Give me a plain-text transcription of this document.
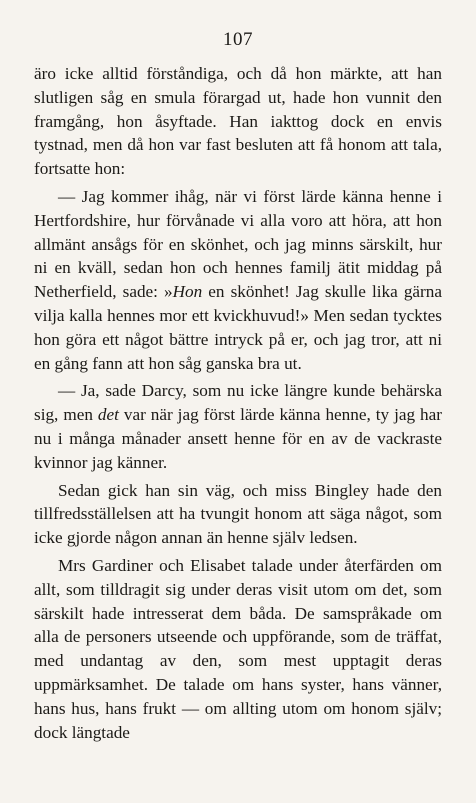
107

äro icke alltid förståndiga, och då hon märkte, att han slutligen såg en smula förargad ut, hade hon vunnit den framgång, hon åsyftade. Han iakttog dock en envis tystnad, men då hon var fast besluten att få honom att tala, fortsatte hon:

— Jag kommer ihåg, när vi först lärde känna henne i Hertfordshire, hur förvånade vi alla voro att höra, att hon allmänt ansågs för en skönhet, och jag minns särskilt, hur ni en kväll, sedan hon och hennes familj ätit middag på Netherfield, sade: »Hon en skönhet! Jag skulle lika gärna vilja kalla hennes mor ett kvickhuvud!» Men sedan tycktes hon göra ett något bättre intryck på er, och jag tror, att ni en gång fann att hon såg ganska bra ut.

— Ja, sade Darcy, som nu icke längre kunde behärska sig, men det var när jag först lärde känna henne, ty jag har nu i många månader ansett henne för en av de vackraste kvinnor jag känner.

Sedan gick han sin väg, och miss Bingley hade den tillfredsställelsen att ha tvungit honom att säga något, som icke gjorde någon annan än henne själv ledsen.

Mrs Gardiner och Elisabet talade under återfärden om allt, som tilldragit sig under deras visit utom om det, som särskilt hade intresserat dem båda. De samspråkade om alla de personers utseende och uppförande, som de träffat, med undantag av den, som mest upptagit deras uppmärksamhet. De talade om hans syster, hans vänner, hans hus, hans frukt — om allting utom om honom själv; dock längtade
